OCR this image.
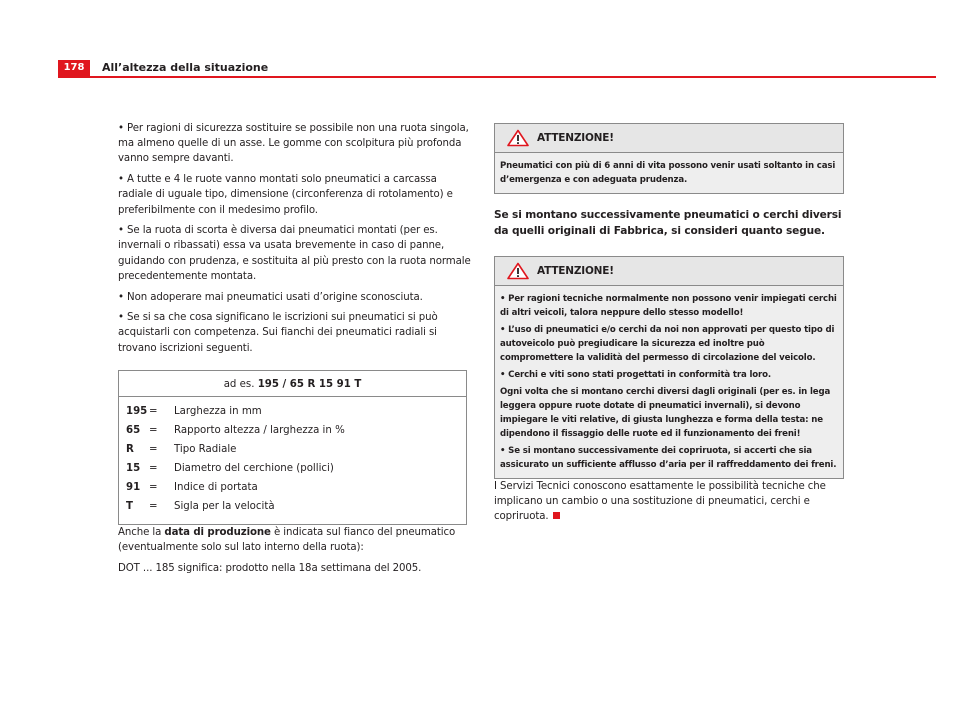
178	All’altezza della situazione

• Per ragioni di sicurezza sostituire se possibile non una ruota singola, ma almeno quelle di un asse. Le gomme con scolpitura più profonda vanno sempre davanti.

• A tutte e 4 le ruote vanno montati solo pneumatici a carcassa radiale di uguale tipo, dimensione (circonferenza di rotolamento) e preferibilmente con il medesimo profilo.

• Se la ruota di scorta è diversa dai pneumatici montati (per es. invernali o ribassati) essa va usata brevemente in caso di panne, guidando con prudenza, e sostituita al più presto con la ruota normale precedentemente montata.

• Non adoperare mai pneumatici usati d’origine sconosciuta.

• Se si sa che cosa significano le iscrizioni sui pneumatici si può acquistarli con competenza. Sui fianchi dei pneumatici radiali si trovano iscrizioni seguenti.

ad es. 195 / 65 R 15 91 T
195 =	Larghezza in mm
65 =	Rapporto altezza / larghezza in %
R	=	Tipo Radiale
15 =	Diametro del cerchione (pollici)
91 =	Indice di portata
T	=	Sigla per la velocità

Anche la data di produzione è indicata sul fianco del pneumatico (eventualmente solo sul lato interno della ruota):

DOT ... 185 significa: prodotto nella 18a settimana del 2005.

ATTENZIONE!

Pneumatici con più di 6 anni di vita possono venir usati soltanto in casi d’emergenza e con adeguata prudenza.

Se si montano successivamente pneumatici o cerchi diversi da quelli originali di Fabbrica, si consideri quanto segue.
ATTENZIONE!

• Per ragioni tecniche normalmente non possono venir impiegati cerchi di altri veicoli, talora neppure dello stesso modello!

• L’uso di pneumatici e/o cerchi da noi non approvati per questo tipo di autoveicolo può pregiudicare la sicurezza ed inoltre può compromettere la validità del permesso di circolazione del veicolo.

• Cerchi e viti sono stati progettati in conformità tra loro.

Ogni volta che si montano cerchi diversi dagli originali (per es. in lega leggera oppure ruote dotate di pneumatici invernali), si devono impiegare le viti relative, di giusta lunghezza e forma della testa: ne dipendono il fissaggio delle ruote ed il funzionamento dei freni!

• Se si montano successivamente dei copriruota, si accerti che sia assicurato un sufficiente afflusso d’aria per il raffreddamento dei freni.

I Servizi Tecnici conoscono esattamente le possibilità tecniche che implicano un cambio o una sostituzione di pneumatici, cerchi e copriruota.
